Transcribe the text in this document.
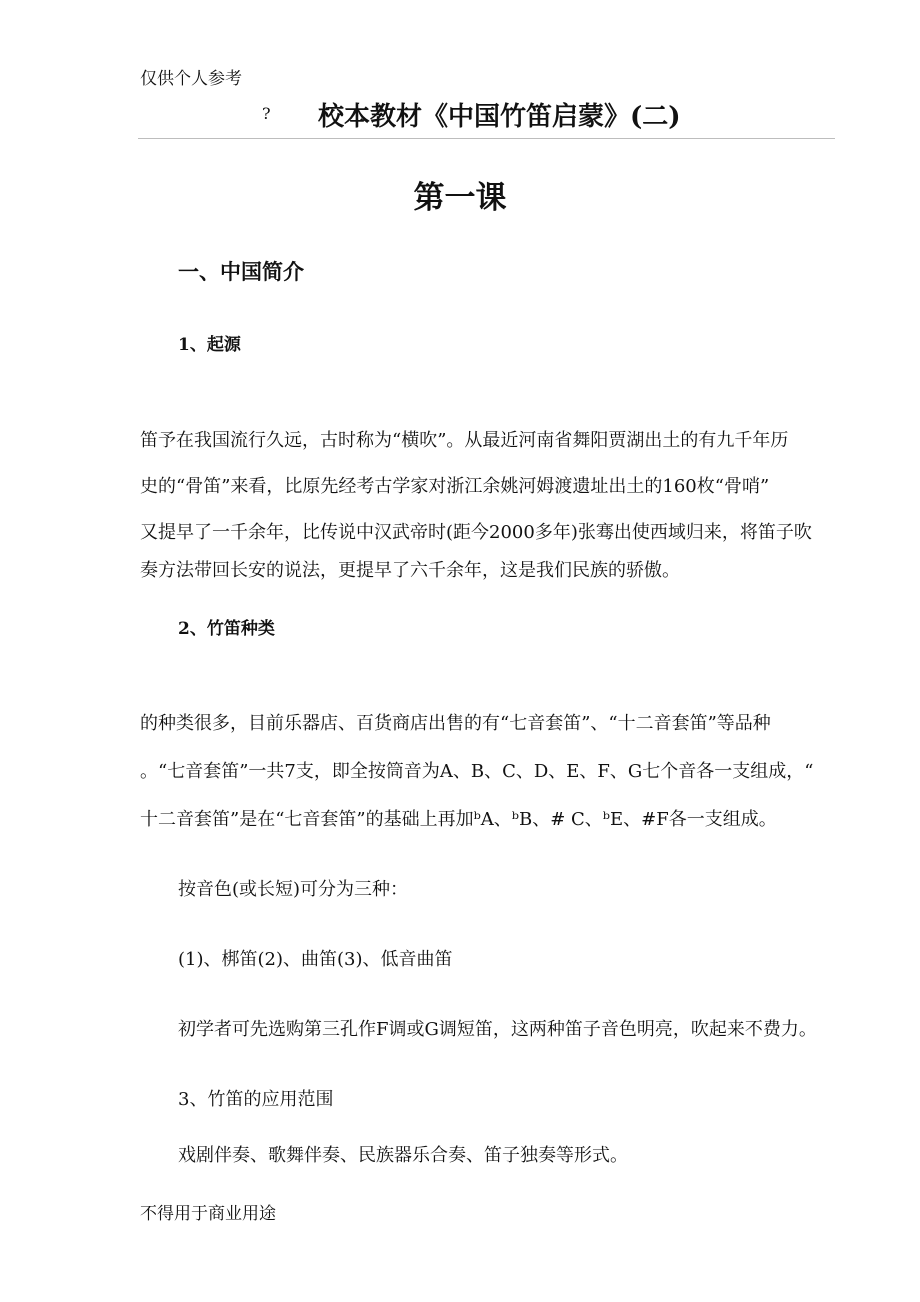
仅供个人参考
? 校本教材《中国竹笛启蒙》(二)
第一课
一、中国简介
1、起源
笛予在我国流行久远，古时称为“横吹”。从最近河南省舞阳贾湖出土的有九千年历
史的“骨笛”来看，比原先经考古学家对浙江余姚河姆渡遗址出土的160枚“骨哨”
又提早了一千余年，比传说中汉武帝时(距今2000多年)张骞出使西域归来，将笛子吹
奏方法带回长安的说法，更提早了六千余年，这是我们民族的骄傲。
2、竹笛种类
的种类很多，目前乐器店、百货商店出售的有“七音套笛”、“十二音套笛”等品种
。“七音套笛”一共7支，即全按筒音为A、B、C、D、E、F、G七个音各一支组成，“
十二音套笛”是在“七音套笛”的基础上再加ᵇA、ᵇB、# C、ᵇE、#F各一支组成。
按音色(或长短)可分为三种：
(1)、梆笛(2)、曲笛(3)、低音曲笛
初学者可先选购第三孔作F调或G调短笛，这两种笛子音色明亮，吹起来不费力。
3、竹笛的应用范围
戏剧伴奏、歌舞伴奏、民族器乐合奏、笛子独奏等形式。
不得用于商业用途
